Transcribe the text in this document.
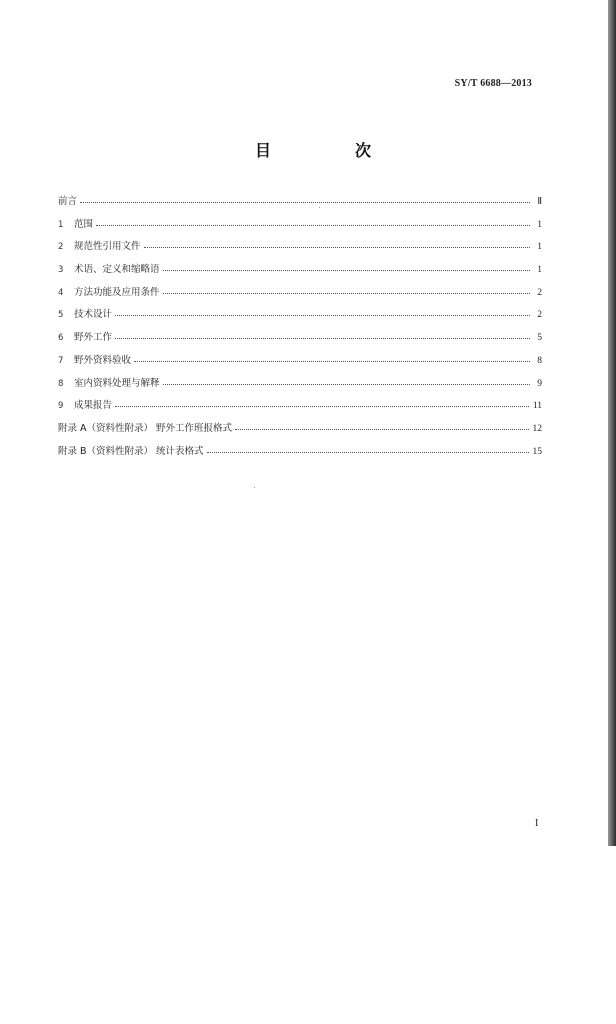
SY/T 6688—2013
目　次
前言	Ⅱ
1	范围	1
2	规范性引用文件	1
3	术语、定义和缩略语	1
4	方法功能及应用条件	2
5	技术设计	2
6	野外工作	5
7	野外资料验收	8
8	室内资料处理与解释	9
9	成果报告	11
附录 A（资料性附录） 野外工作班报格式	12
附录 B（资料性附录） 统计表格式	15
I
